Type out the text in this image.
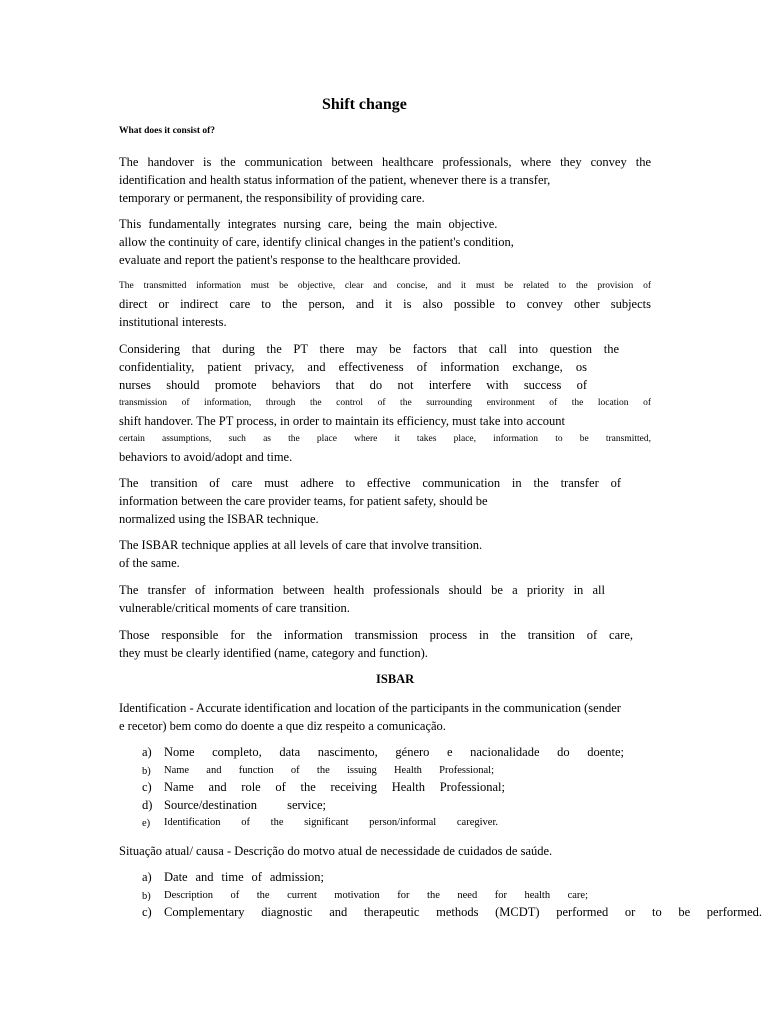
Shift change
What does it consist of?
The handover is the communication between healthcare professionals, where they convey the
identification and health status information of the patient, whenever there is a transfer,
temporary or permanent, the responsibility of providing care.
This fundamentally integrates nursing care, being the main objective.
allow the continuity of care, identify clinical changes in the patient's condition,
evaluate and report the patient's response to the healthcare provided.
The transmitted information must be objective, clear and concise, and it must be related to the provision of
direct or indirect care to the person, and it is also possible to convey other subjects
institutional interests.
Considering that during the PT there may be factors that call into question the
confidentiality, patient privacy, and effectiveness of information exchange, os
nurses should promote behaviors that do not interfere with success of
transmission of information, through the control of the surrounding environment of the location of
shift handover. The PT process, in order to maintain its efficiency, must take into account
certain assumptions, such as the place where it takes place, information to be transmitted,
behaviors to avoid/adopt and time.
The transition of care must adhere to effective communication in the transfer of
information between the care provider teams, for patient safety, should be
normalized using the ISBAR technique.
The ISBAR technique applies at all levels of care that involve transition.
of the same.
The transfer of information between health professionals should be a priority in all
vulnerable/critical moments of care transition.
Those responsible for the information transmission process in the transition of care,
they must be clearly identified (name, category and function).
ISBAR
Identification - Accurate identification and location of the participants in the communication (sender
e recetor) bem como do doente a que diz respeito a comunicação.
a) Nome completo, data nascimento, género e nacionalidade do doente;
b) Name and function of the issuing Health Professional;
c) Name and role of the receiving Health Professional;
d) Source/destination service;
e) Identification of the significant person/informal caregiver.
Situação atual/ causa - Descrição do motvo atual de necessidade de cuidados de saúde.
a) Date and time of admission;
b) Description of the current motivation for the need for health care;
c) Complementary diagnostic and therapeutic methods (MCDT) performed or to be performed.
